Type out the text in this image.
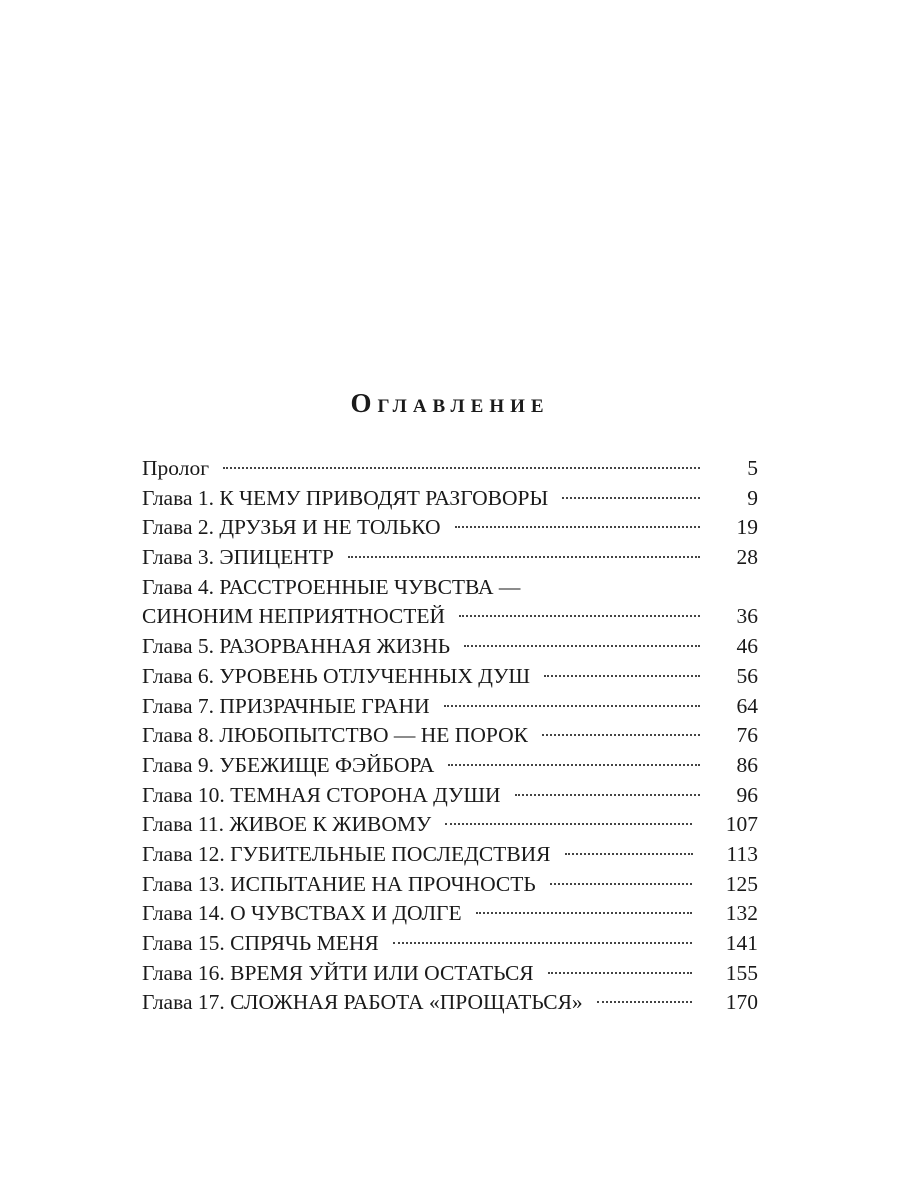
Оглавление
Пролог	5
Глава 1. К ЧЕМУ ПРИВОДЯТ РАЗГОВОРЫ	9
Глава 2. ДРУЗЬЯ И НЕ ТОЛЬКО	19
Глава 3. ЭПИЦЕНТР	28
Глава 4. РАССТРОЕННЫЕ ЧУВСТВА —
СИНОНИМ НЕПРИЯТНОСТЕЙ	36
Глава 5. РАЗОРВАННАЯ ЖИЗНЬ	46
Глава 6. УРОВЕНЬ ОТЛУЧЕННЫХ ДУШ	56
Глава 7. ПРИЗРАЧНЫЕ ГРАНИ	64
Глава 8. ЛЮБОПЫТСТВО — НЕ ПОРОК	76
Глава 9. УБЕЖИЩЕ ФЭЙБОРА	86
Глава 10. ТЕМНАЯ СТОРОНА ДУШИ	96
Глава 11. ЖИВОЕ К ЖИВОМУ	107
Глава 12. ГУБИТЕЛЬНЫЕ ПОСЛЕДСТВИЯ	113
Глава 13. ИСПЫТАНИЕ НА ПРОЧНОСТЬ	125
Глава 14. О ЧУВСТВАХ И ДОЛГЕ	132
Глава 15. СПРЯЧЬ МЕНЯ	141
Глава 16. ВРЕМЯ УЙТИ ИЛИ ОСТАТЬСЯ	155
Глава 17. СЛОЖНАЯ РАБОТА «ПРОЩАТЬСЯ»	170
